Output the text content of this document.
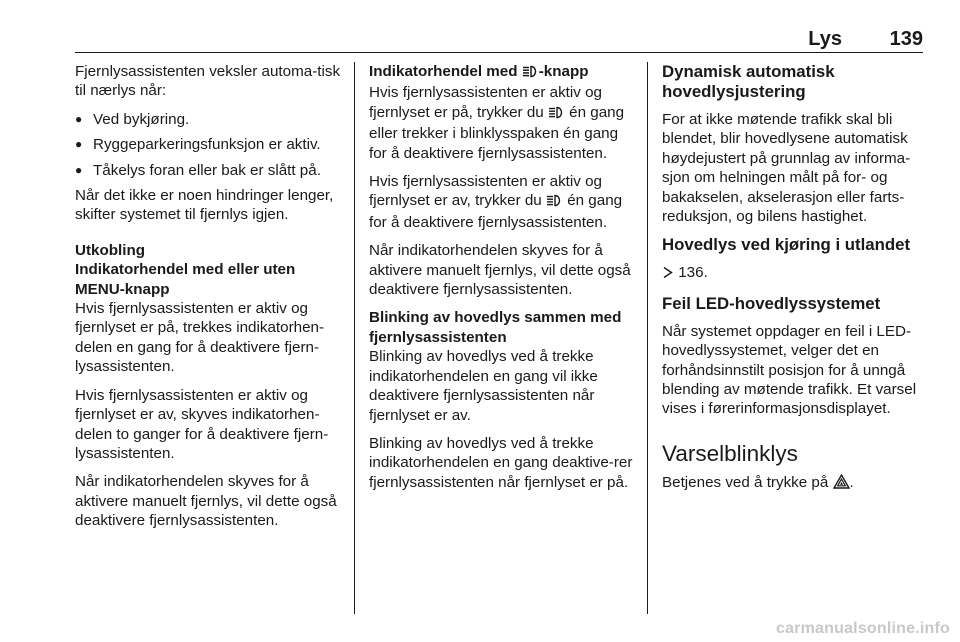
Lys 139

Fjernlysassistenten veksler automa-tisk til nærlys når:

● Ved bykjøring.
● Ryggeparkeringsfunksjon er aktiv.
● Tåkelys foran eller bak er slått på.

Når det ikke er noen hindringer lenger, skifter systemet til fjernlys igjen.

Utkobling
Indikatorhendel med eller uten MENU-knapp

Hvis fjernlysassistenten er aktiv og fjernlyset er på, trekkes indikatorhen-delen en gang for å deaktivere fjern-lysassistenten.

Hvis fjernlysassistenten er aktiv og fjernlyset er av, skyves indikatorhen-delen to ganger for å deaktivere fjern-lysassistenten.

Når indikatorhendelen skyves for å aktivere manuelt fjernlys, vil dette også deaktivere fjernlysassistenten.

Indikatorhendel med -knapp

Hvis fjernlysassistenten er aktiv og fjernlyset er på, trykker du  én gang eller trekker i blinklysspaken én gang for å deaktivere fjernlysassistenten.

Hvis fjernlysassistenten er aktiv og fjernlyset er av, trykker du  én gang for å deaktivere fjernlysassistenten.

Når indikatorhendelen skyves for å aktivere manuelt fjernlys, vil dette også deaktivere fjernlysassistenten.

Blinking av hovedlys sammen med fjernlysassistenten

Blinking av hovedlys ved å trekke indikatorhendelen en gang vil ikke deaktivere fjernlysassistenten når fjernlyset er av.

Blinking av hovedlys ved å trekke indikatorhendelen en gang deaktive-rer fjernlysassistenten når fjernlyset er på.

Dynamisk automatisk hovedlysjustering

For at ikke møtende trafikk skal bli blendet, blir hovedlysene automatisk høydejustert på grunnlag av informa-sjon om helningen målt på for- og bakakselen, akselerasjon eller farts-reduksjon, og bilens hastighet.

Hovedlys ved kjøring i utlandet

136.

Feil LED-hovedlyssystemet

Når systemet oppdager en feil i LED-hovedlyssystemet, velger det en forhåndsinnstilt posisjon for å unngå blending av møtende trafikk. Et varsel vises i førerinformasjonsdisplayet.

Varselblinklys

Betjenes ved å trykke på .

carmanualsonline.info
